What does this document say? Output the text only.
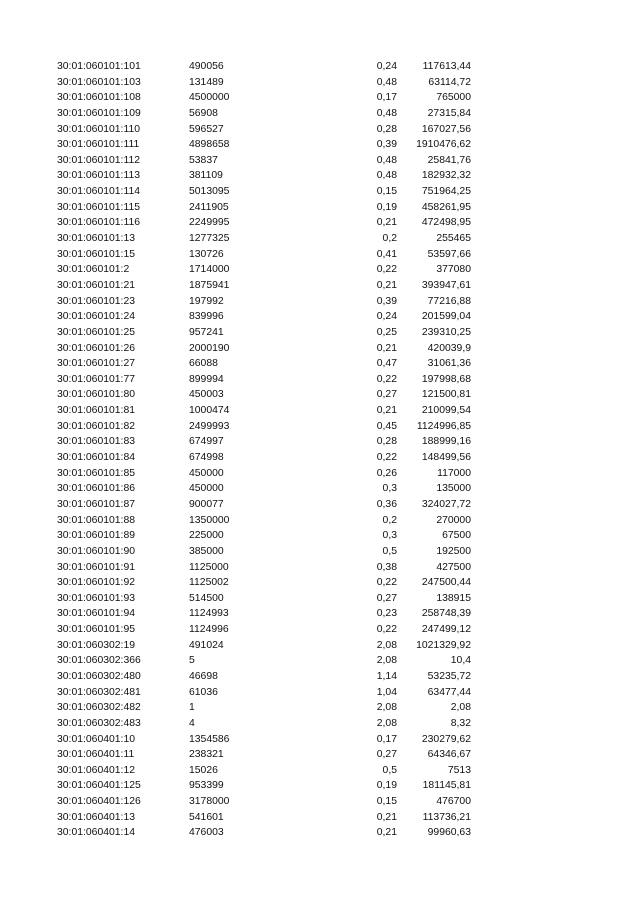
30:01:060101:101	490056	0,24	117613,44
30:01:060101:103	131489	0,48	63114,72
30:01:060101:108	4500000	0,17	765000
30:01:060101:109	56908	0,48	27315,84
30:01:060101:110	596527	0,28	167027,56
30:01:060101:111	4898658	0,39	1910476,62
30:01:060101:112	53837	0,48	25841,76
30:01:060101:113	381109	0,48	182932,32
30:01:060101:114	5013095	0,15	751964,25
30:01:060101:115	2411905	0,19	458261,95
30:01:060101:116	2249995	0,21	472498,95
30:01:060101:13	1277325	0,2	255465
30:01:060101:15	130726	0,41	53597,66
30:01:060101:2	1714000	0,22	377080
30:01:060101:21	1875941	0,21	393947,61
30:01:060101:23	197992	0,39	77216,88
30:01:060101:24	839996	0,24	201599,04
30:01:060101:25	957241	0,25	239310,25
30:01:060101:26	2000190	0,21	420039,9
30:01:060101:27	66088	0,47	31061,36
30:01:060101:77	899994	0,22	197998,68
30:01:060101:80	450003	0,27	121500,81
30:01:060101:81	1000474	0,21	210099,54
30:01:060101:82	2499993	0,45	1124996,85
30:01:060101:83	674997	0,28	188999,16
30:01:060101:84	674998	0,22	148499,56
30:01:060101:85	450000	0,26	117000
30:01:060101:86	450000	0,3	135000
30:01:060101:87	900077	0,36	324027,72
30:01:060101:88	1350000	0,2	270000
30:01:060101:89	225000	0,3	67500
30:01:060101:90	385000	0,5	192500
30:01:060101:91	1125000	0,38	427500
30:01:060101:92	1125002	0,22	247500,44
30:01:060101:93	514500	0,27	138915
30:01:060101:94	1124993	0,23	258748,39
30:01:060101:95	1124996	0,22	247499,12
30:01:060302:19	491024	2,08	1021329,92
30:01:060302:366	5	2,08	10,4
30:01:060302:480	46698	1,14	53235,72
30:01:060302:481	61036	1,04	63477,44
30:01:060302:482	1	2,08	2,08
30:01:060302:483	4	2,08	8,32
30:01:060401:10	1354586	0,17	230279,62
30:01:060401:11	238321	0,27	64346,67
30:01:060401:12	15026	0,5	7513
30:01:060401:125	953399	0,19	181145,81
30:01:060401:126	3178000	0,15	476700
30:01:060401:13	541601	0,21	113736,21
30:01:060401:14	476003	0,21	99960,63
